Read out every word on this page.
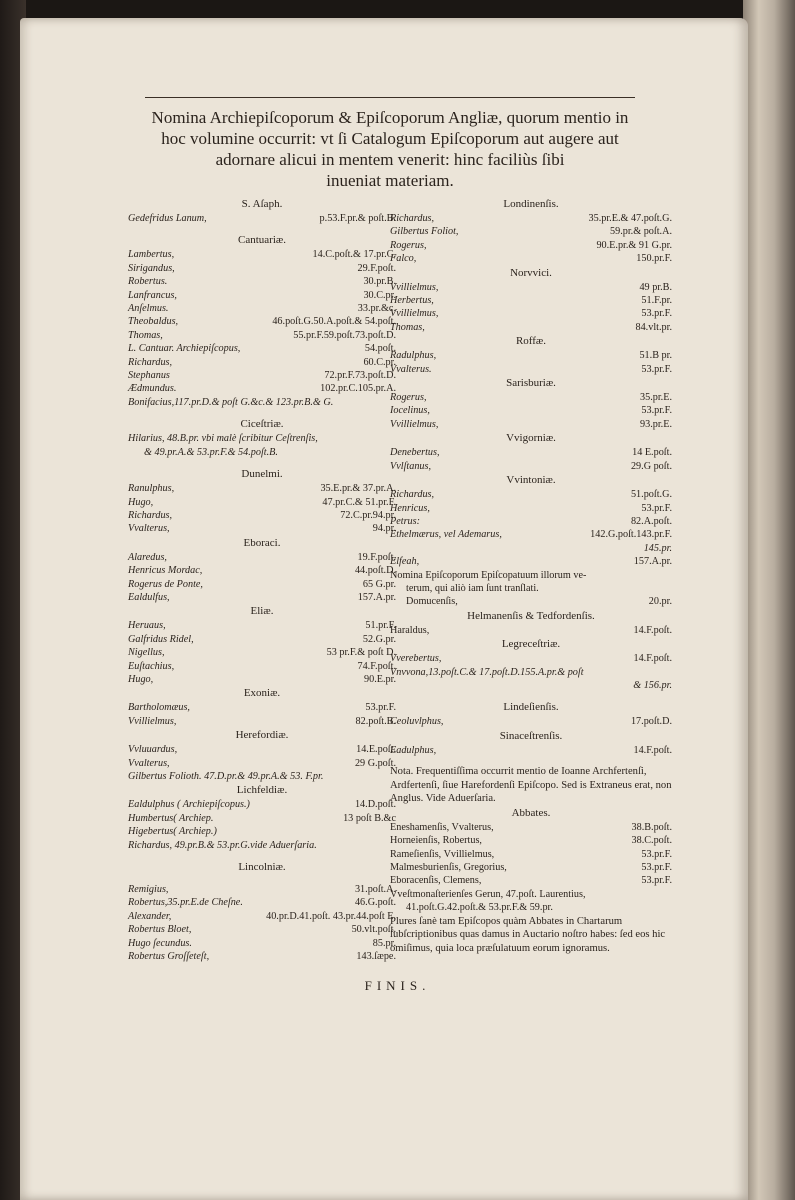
Nomina Archiepiſcoporum & Epiſcoporum Angliæ, quorum mentio in
hoc volumine occurrit: vt ſi Catalogum Epiſcoporum aut augere aut
adornare alicui in mentem venerit: hinc faciliùs ſibi
inueniat materiam.
S. Aſaph.
Gedefridus Lanum,	p.53.F.pr.& poſt.B.
Cantuariæ.
Lambertus,	14.C.poſt.& 17.pr.C.
Sirigandus,	29.F.poſt.
Robertus.	30.pr.B.
Lanfrancus,	30.C.pr.
Anſelmus.	33.pr.&c.
Theobaldus,	46.poſt.G.50.A.poſt.& 54.poſt.
Thomas,	55.pr.F.59.poſt.73.poſt.D.
L. Cantuar. Archiepiſcopus,	54.poſt.
Richardus,	60.C.pr.
Stephanus	72.pr.F.73.poſt.D.
Ædmundus.	102.pr.C.105.pr.A.
Bonifacius,117.pr.D.& poſt G.&c.& 123.pr.B.& G.
Ciceſtriæ.
Hilarius, 48.B.pr. vbi malè ſcribitur Ceſtrenſis,
& 49.pr.A.& 53.pr.F.& 54.poſt.B.
Dunelmi.
Ranulphus,	35.E.pr.& 37.pr.A.
Hugo,	47.pr.C.& 51.pr.F.
Richardus,	72.C.pr.94.pr.
Vvalterus,	94.pr.
Eboraci.
Alaredus,	19.F.poſt.
Henricus Mordac,	44.poſt.D.
Rogerus de Ponte,	65 G.pr.
Ealdulfus,	157.A.pr.
Eliæ.
Heruaus,	51.pr.F.
Galfridus Ridel,	52.G.pr.
Nigellus,	53 pr.F.& poſt D.
Euſtachius,	74.F.poſt.
Hugo,	90.E.pr.
Exoniæ.
Bartholomæus,	53.pr.F.
Vvillielmus,	82.poſt.B.
Herefordiæ.
Vvluuardus,	14.E.poſt.
Vvalterus,	29 G.poſt.
Gilbertus Folioth. 47.D.pr.& 49.pr.A.& 53. F.pr.
Lichfeldiæ.
Ealdulphus ( Archiepiſcopus.)	14.D.poſt.
Humbertus( Archiep.	13 poſt B.&c
Higebertus( Archiep.)
Richardus, 49.pr.B.& 53.pr.G.vide Aduerſaria.
Lincolniæ.
Remigius,	31.poſt.A.
Robertus,35.pr.E.de Cheſne.	46.G.poſt.
Alexander,	40.pr.D.41.poſt. 43.pr.44.poſt E.
Robertus Bloet,	50.vlt.poſt.
Hugo ſecundus.	85.pr.
Robertus Groſſeteſt,	143.ſæpe.
Londinenſis.
Richardus,	35.pr.E.& 47.poſt.G.
Gilbertus Foliot,	59.pr.& poſt.A.
Rogerus,	90.E.pr.& 91 G.pr.
Falco,	150.pr.F.
Norvvici.
Vvillielmus,	49 pr.B.
Herbertus,	51.F.pr.
Vvillielmus,	53.pr.F.
Thomas,	84.vlt.pr.
Roffæ.
Radulphus,	51.B pr.
Vvalterus.	53.pr.F.
Sarisburiæ.
Rogerus,	35.pr.E.
Iocelinus,	53.pr.F.
Vvillielmus,	93.pr.E.
Vvigorniæ.
Denebertus,	14 E.poſt.
Vvlſtanus,	29.G poſt.
Vvintoniæ.
Richardus,	51.poſt.G.
Henricus,	53.pr.F.
Petrus:	82.A.poſt.
Ethelmærus, vel Ademarus,	142.G.poſt.143.pr.F.
145.pr.
Elfeah,	157.A.pr.
Nomina Epiſcoporum Epiſcopatuum illorum ve-
terum, qui aliò iam ſunt tranſlati.
Domucenſis,	20.pr.
Helmanenſis & Tedfordenſis.
Haraldus,	14.F.poſt.
Legreceſtriæ.
Vverebertus,	14.F.poſt.
Vnvvona,13.poſt.C.& 17.poſt.D.155.A.pr.& poſt
& 156.pr.
Lindeſienſis.
Ceoluvlphus,	17.poſt.D.
Sinaceſtrenſis.
Eadulphus,	14.F.poſt.
Nota. Frequentiſſima occurrit mentio de Ioanne Archfertenſi, Ardfertenſi, ſiue Harefordenſi Epiſcopo. Sed is Extraneus erat, non Anglus. Vide Aduerſaria.
Abbates.
Eneshamenſis, Vvalterus,	38.B.poſt.
Horneienſis, Robertus,	38.C.poſt.
Rameſienſis, Vvillielmus,	53.pr.F.
Malmesburienſis, Gregorius,	53.pr.F.
Eboracenſis, Clemens,	53.pr.F.
Vveſtmonaſterienſes Gerun, 47.poſt. Laurentius,
41.poſt.G.42.poſt.& 53.pr.F.& 59.pr.
Plures ſanè tam Epiſcopos quàm Abbates in Chartarum ſubſcriptionibus quas damus in Auctario noſtro habes: ſed eos hic omiſimus, quia loca præſulatuum eorum ignoramus.
FINIS.
